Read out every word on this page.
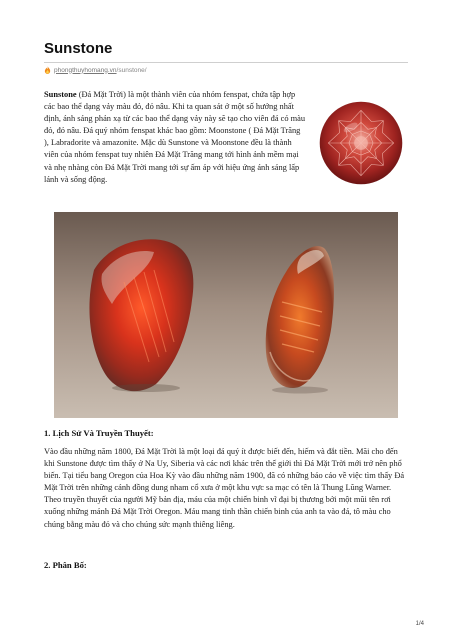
Sunstone
phongthuyhomang.vn/sunstone/

Sunstone (Đá Mặt Trời) là một thành viên của nhóm fenspat, chứa tập hợp các bao thể dạng vảy màu đỏ, đỏ nâu. Khi ta quan sát ở một số hướng nhất định, ánh sáng phản xạ từ các bao thể dạng vảy này sẽ tạo cho viên đá có màu đỏ, đỏ nâu. Đá quý nhóm fenspat khác bao gồm: Moonstone ( Đá Mặt Trăng ), Labradorite và amazonite. Mặc dù Sunstone và Moonstone đều là thành viên của nhóm fenspat tuy nhiên Đá Mặt Trăng mang tới hình ảnh mềm mại và nhẹ nhàng còn Đá Mặt Trời mang tới sự ấm áp với hiệu ứng ánh sáng lấp lánh và sống động.

1. Lịch Sử Và Truyền Thuyết:

Vào đầu những năm 1800, Đá Mặt Trời là một loại đá quý ít được biết đến, hiếm và đắt tiền. Mãi cho đến khi Sunstone được tìm thấy ở Na Uy, Siberia và các nơi khác trên thế giới thì Đá Mặt Trời mới trở nên phổ biến. Tại tiểu bang Oregon của Hoa Kỳ vào đầu những năm 1900, đã có những báo cáo về việc tìm thấy Đá Mặt Trời trên những cánh đồng dung nham cổ xưa ở một khu vực sa mạc có tên là Thung Lũng Warner. Theo truyền thuyết của người Mỹ bản địa, máu của một chiến binh vĩ đại bị thương bởi một mũi tên rơi xuống những mảnh Đá Mặt Trời Oregon. Máu mang tinh thần chiến binh của anh ta vào đá, tô màu cho chúng bằng màu đỏ và cho chúng sức mạnh thiêng liêng.

2. Phân Bố:
1/4
